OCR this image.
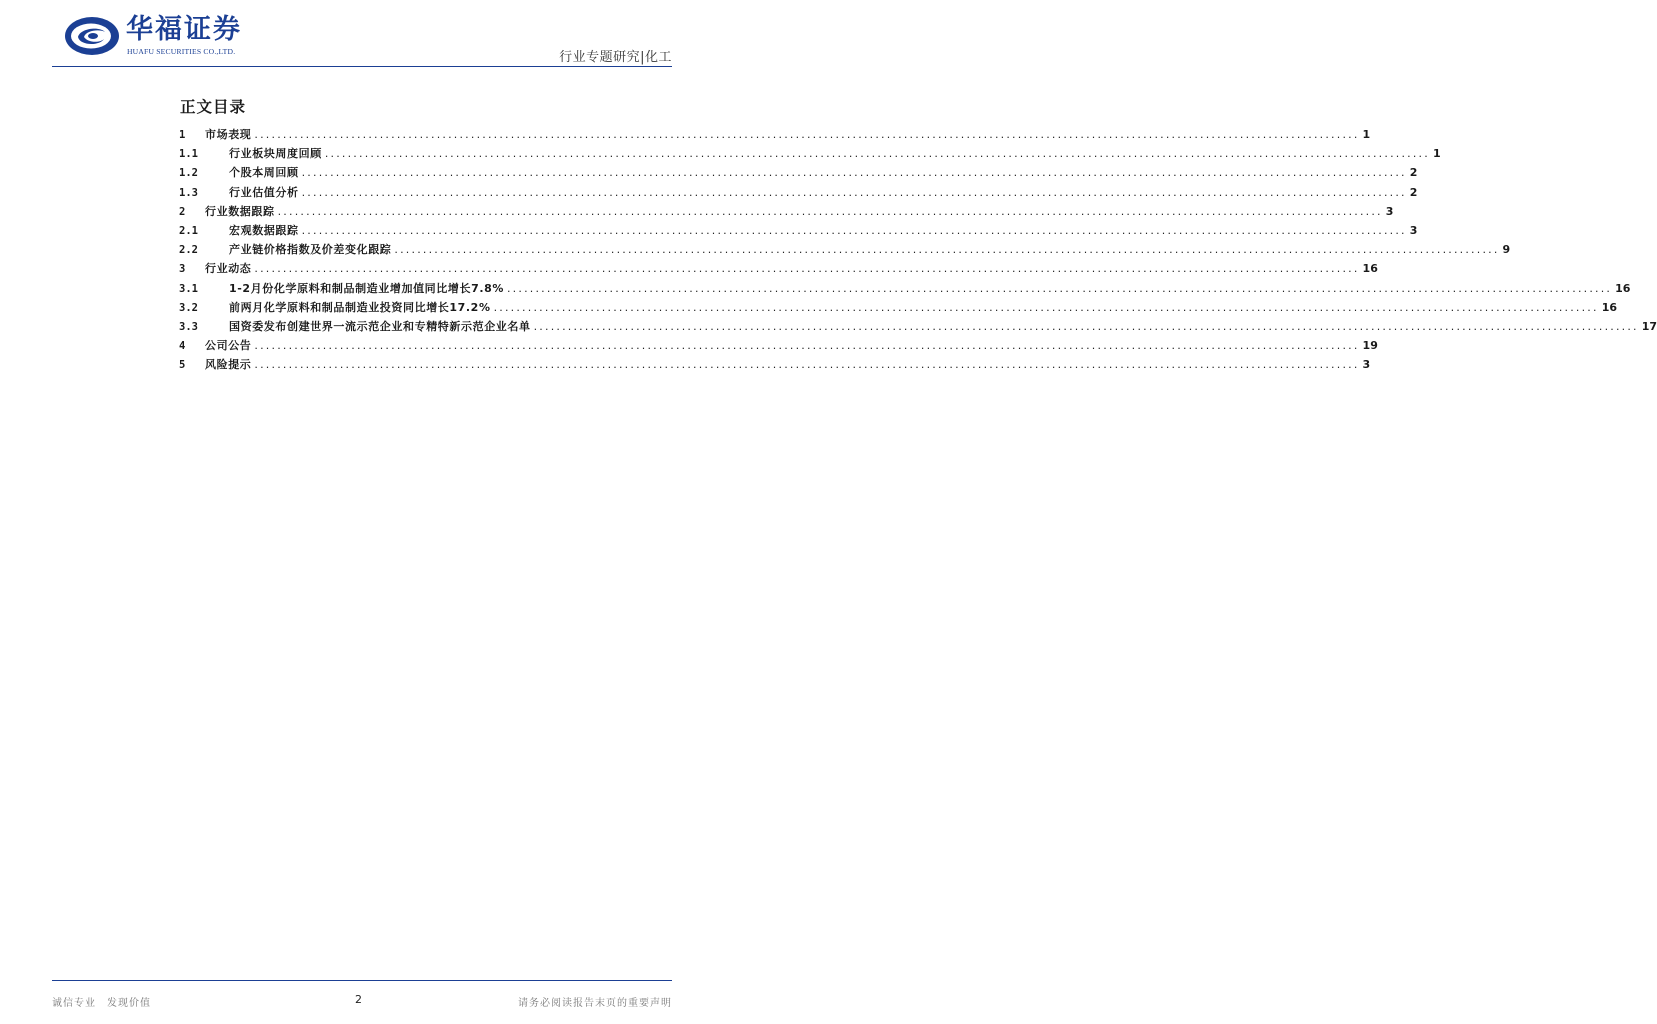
华福证券
HUAFU SECURITIES CO.,LTD.	行业专题研究|化工
正文目录
1	市场表现 .....	1
1.1	行业板块周度回顾 .....	1
1.2	个股本周回顾 .....	2
1.3	行业估值分析 .....	2
2	行业数据跟踪 .....	3
2.1	宏观数据跟踪 .....	3
2.2	产业链价格指数及价差变化跟踪 .....	9
3	行业动态 .....	16
3.1	1-2月份化学原料和制品制造业增加值同比增长7.8% .....	16
3.2	前两月化学原料和制品制造业投资同比增长17.2% .....	16
3.3	国资委发布创建世界一流示范企业和专精特新示范企业名单 .....	17
4	公司公告 .....	19
5	风险提示 .....	3
诚信专业　发现价值	2	请务必阅读报告末页的重要声明
